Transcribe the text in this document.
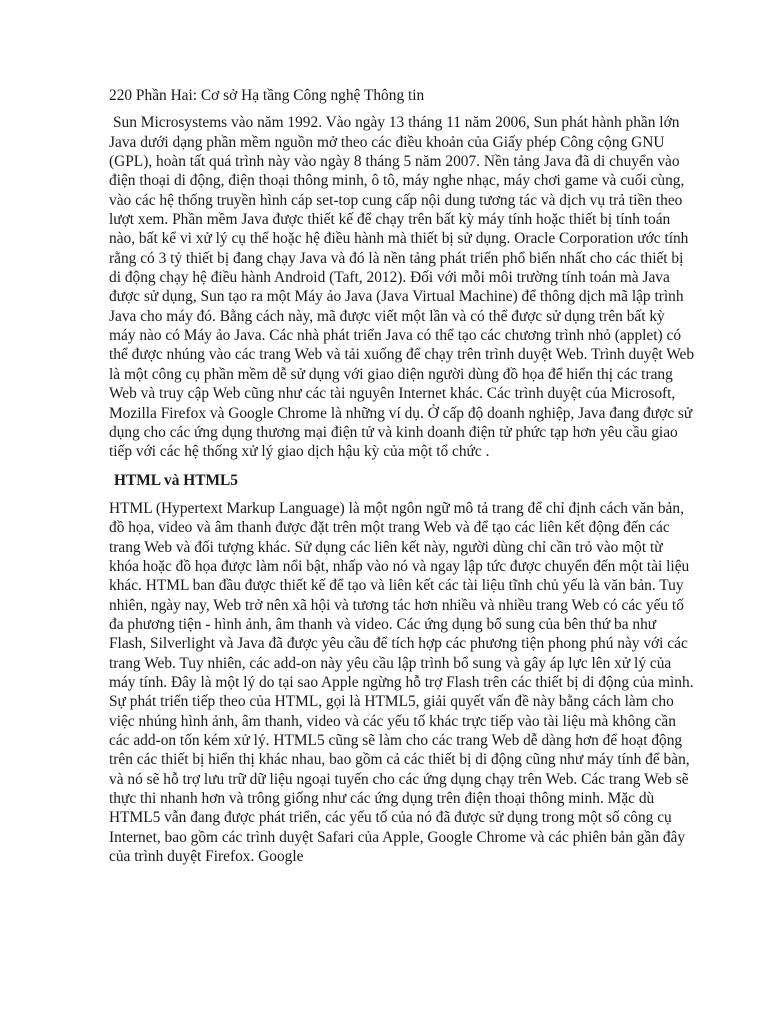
220 Phần Hai: Cơ sở Hạ tầng Công nghệ Thông tin

Sun Microsystems vào năm 1992. Vào ngày 13 tháng 11 năm 2006, Sun phát hành phần lớn Java dưới dạng phần mềm nguồn mở theo các điều khoản của Giấy phép Công cộng GNU (GPL), hoàn tất quá trình này vào ngày 8 tháng 5 năm 2007. Nền tảng Java đã di chuyển vào điện thoại di động, điện thoại thông minh, ô tô, máy nghe nhạc, máy chơi game và cuối cùng, vào các hệ thống truyền hình cáp set-top cung cấp nội dung tương tác và dịch vụ trả tiền theo lượt xem. Phần mềm Java được thiết kế để chạy trên bất kỳ máy tính hoặc thiết bị tính toán nào, bất kể vi xử lý cụ thể hoặc hệ điều hành mà thiết bị sử dụng. Oracle Corporation ước tính rằng có 3 tỷ thiết bị đang chạy Java và đó là nền tảng phát triển phổ biến nhất cho các thiết bị di động chạy hệ điều hành Android (Taft, 2012). Đối với mỗi môi trường tính toán mà Java được sử dụng, Sun tạo ra một Máy ảo Java (Java Virtual Machine) để thông dịch mã lập trình Java cho máy đó. Bằng cách này, mã được viết một lần và có thể được sử dụng trên bất kỳ máy nào có Máy ảo Java. Các nhà phát triển Java có thể tạo các chương trình nhỏ (applet) có thể được nhúng vào các trang Web và tải xuống để chạy trên trình duyệt Web. Trình duyệt Web là một công cụ phần mềm dễ sử dụng với giao diện người dùng đồ họa để hiển thị các trang Web và truy cập Web cũng như các tài nguyên Internet khác. Các trình duyệt của Microsoft, Mozilla Firefox và Google Chrome là những ví dụ. Ở cấp độ doanh nghiệp, Java đang được sử dụng cho các ứng dụng thương mại điện tử và kinh doanh điện tử phức tạp hơn yêu cầu giao tiếp với các hệ thống xử lý giao dịch hậu kỳ của một tổ chức .

HTML và HTML5

HTML (Hypertext Markup Language) là một ngôn ngữ mô tả trang để chỉ định cách văn bản, đồ họa, video và âm thanh được đặt trên một trang Web và để tạo các liên kết động đến các trang Web và đối tượng khác. Sử dụng các liên kết này, người dùng chỉ cần trỏ vào một từ khóa hoặc đồ họa được làm nổi bật, nhấp vào nó và ngay lập tức được chuyển đến một tài liệu khác. HTML ban đầu được thiết kế để tạo và liên kết các tài liệu tĩnh chủ yếu là văn bản. Tuy nhiên, ngày nay, Web trở nên xã hội và tương tác hơn nhiều và nhiều trang Web có các yếu tố đa phương tiện - hình ảnh, âm thanh và video. Các ứng dụng bổ sung của bên thứ ba như Flash, Silverlight và Java đã được yêu cầu để tích hợp các phương tiện phong phú này với các trang Web. Tuy nhiên, các add-on này yêu cầu lập trình bổ sung và gây áp lực lên xử lý của máy tính. Đây là một lý do tại sao Apple ngừng hỗ trợ Flash trên các thiết bị di động của mình. Sự phát triển tiếp theo của HTML, gọi là HTML5, giải quyết vấn đề này bằng cách làm cho việc nhúng hình ảnh, âm thanh, video và các yếu tố khác trực tiếp vào tài liệu mà không cần các add-on tốn kém xử lý. HTML5 cũng sẽ làm cho các trang Web dễ dàng hơn để hoạt động trên các thiết bị hiển thị khác nhau, bao gồm cả các thiết bị di động cũng như máy tính để bàn, và nó sẽ hỗ trợ lưu trữ dữ liệu ngoại tuyến cho các ứng dụng chạy trên Web. Các trang Web sẽ thực thi nhanh hơn và trông giống như các ứng dụng trên điện thoại thông minh. Mặc dù HTML5 vẫn đang được phát triển, các yếu tố của nó đã được sử dụng trong một số công cụ Internet, bao gồm các trình duyệt Safari của Apple, Google Chrome và các phiên bản gần đây của trình duyệt Firefox. Google
